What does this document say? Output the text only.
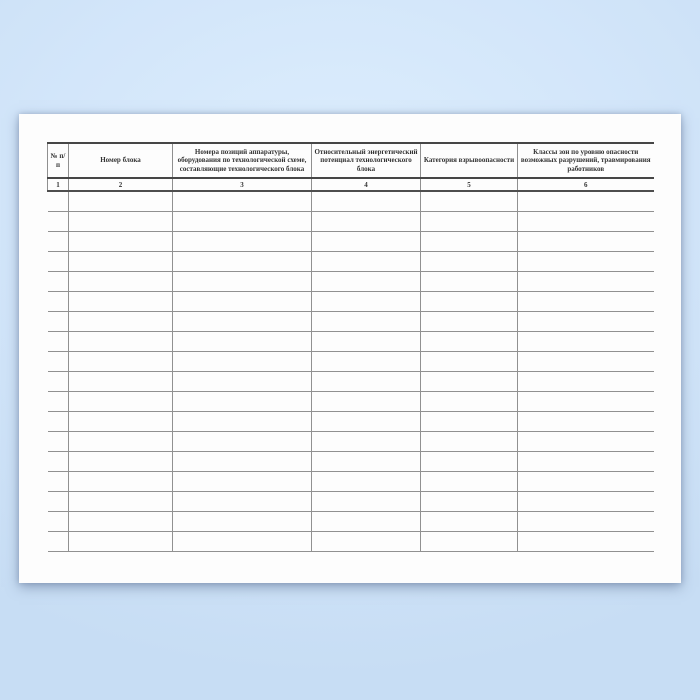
№ п/п	Номер блока	Номера позиций аппаратуры, оборудования по технологической схеме, составляющие технологического блока	Относительный энергетический потенциал технологического блока	Категория взрывоопасности	Классы зон по уровню опасности возможных разрушений, травмирования работников
1	2	3	4	5	6
